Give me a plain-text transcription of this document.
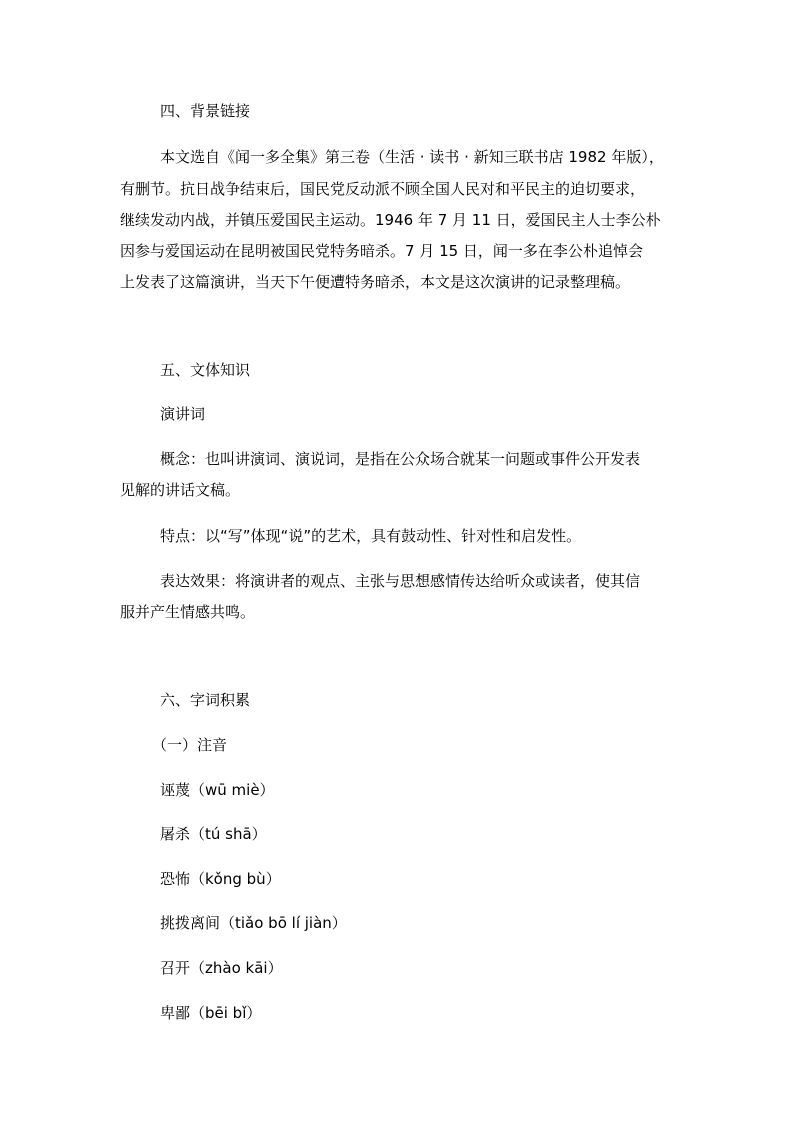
四、背景链接
本文选自《闻一多全集》第三卷（生活 · 读书 · 新知三联书店 1982 年版），
有删节。抗日战争结束后，国民党反动派不顾全国人民对和平民主的迫切要求，
继续发动内战，并镇压爱国民主运动。1946 年 7 月 11 日，爱国民主人士李公朴
因参与爱国运动在昆明被国民党特务暗杀。7 月 15 日，闻一多在李公朴追悼会
上发表了这篇演讲，当天下午便遭特务暗杀，本文是这次演讲的记录整理稿。
五、文体知识
演讲词
概念：也叫讲演词、演说词，是指在公众场合就某一问题或事件公开发表
见解的讲话文稿。
特点：以“写”体现“说”的艺术，具有鼓动性、针对性和启发性。
表达效果：将演讲者的观点、主张与思想感情传达给听众或读者，使其信
服并产生情感共鸣。
六、字词积累
（一）注音
诬蔑（wū miè）
屠杀（tú shā）
恐怖（kǒng bù）
挑拨离间（tiǎo bō lí jiàn）
召开（zhào kāi）
卑鄙（bēi bǐ）
